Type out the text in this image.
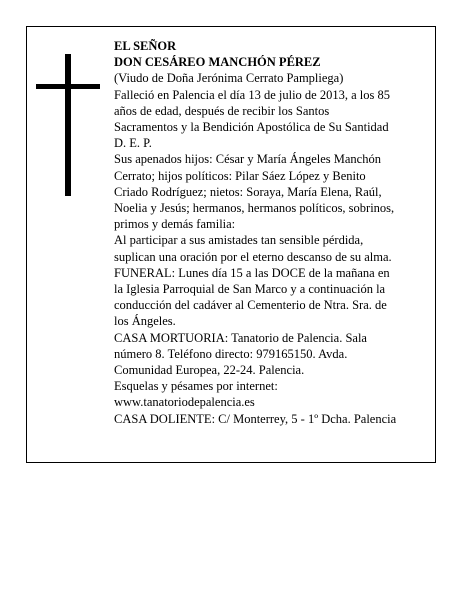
EL SEÑOR
DON CESÁREO MANCHÓN PÉREZ
(Viudo de Doña Jerónima Cerrato Pampliega)
Falleció en Palencia el día 13 de julio de 2013, a los 85
años de edad, después de recibir los Santos
Sacramentos y la Bendición Apostólica de Su Santidad
D. E. P.
Sus apenados hijos: César y María Ángeles Manchón
Cerrato; hijos políticos: Pilar Sáez López y Benito
Criado Rodríguez; nietos: Soraya, María Elena, Raúl,
Noelia y Jesús; hermanos, hermanos políticos, sobrinos,
primos y demás familia:
Al participar a sus amistades tan sensible pérdida,
suplican una oración por el eterno descanso de su alma.
FUNERAL: Lunes día 15 a las DOCE de la mañana en
la Iglesia Parroquial de San Marco y a continuación la
conducción del cadáver al Cementerio de Ntra. Sra. de
los Ángeles.
CASA MORTUORIA: Tanatorio de Palencia. Sala
número 8. Teléfono directo: 979165150. Avda.
Comunidad Europea, 22-24. Palencia.
Esquelas y pésames por internet:
www.tanatoriodepalencia.es
CASA DOLIENTE: C/ Monterrey, 5 - 1º Dcha. Palencia
